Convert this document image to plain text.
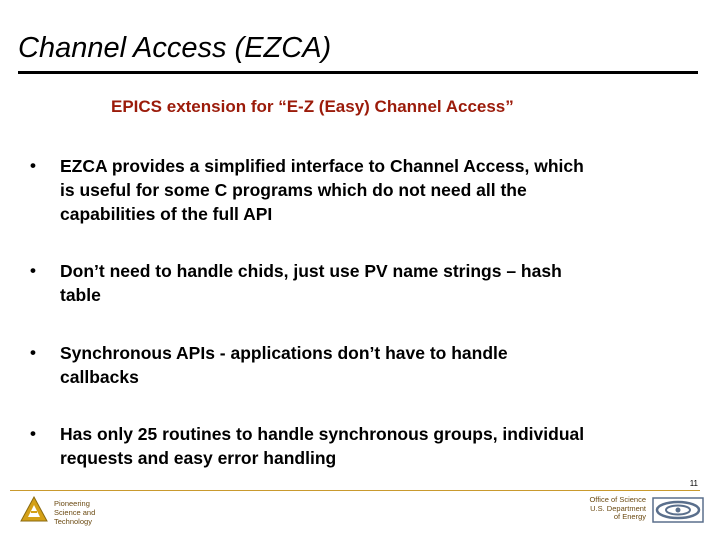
Channel Access (EZCA)
EPICS extension for “E-Z (Easy) Channel Access”
•	EZCA provides a simplified interface to Channel Access, which
is useful for some C programs which do not need all the
capabilities of the full API
•	Don’t need to handle chids, just use PV name strings – hash
table
•	Synchronous APIs - applications don’t have to handle
callbacks
•	Has only 25 routines to handle synchronous groups, individual
requests and easy error handling
11
Pioneering
Science and
Technology
Office of Science
U.S. Department
of Energy
